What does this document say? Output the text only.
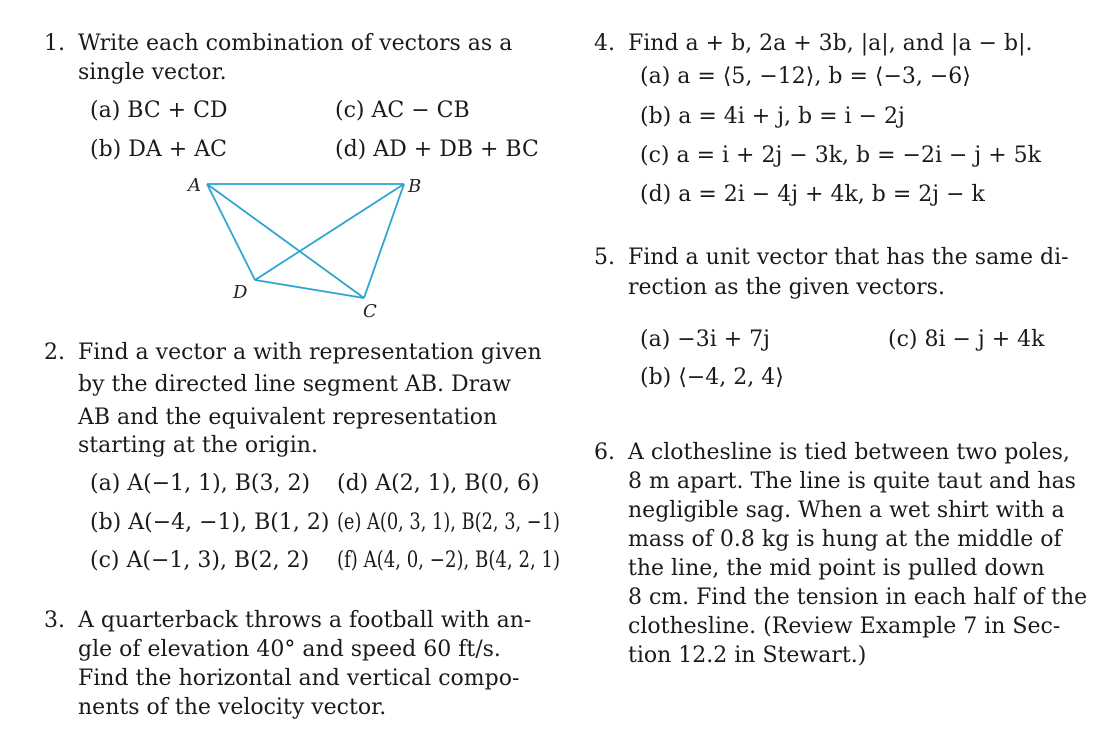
1. Write each combination of vectors as a
single vector.
(a) BC + CD
(b) DA + AC
(c) AC − CB
(d) AD + DB + BC
A	B
C
D
2. Find a vector a with representation given
by the directed line segment AB. Draw
AB and the equivalent representation
starting at the origin.
(a) A(−1, 1), B(3, 2)
(b) A(−4, −1), B(1, 2)
(c) A(−1, 3), B(2, 2)
(d) A(2, 1), B(0, 6)
(e) A(0, 3, 1), B(2, 3, −1)
(f) A(4, 0, −2), B(4, 2, 1)
3. A quarterback throws a football with an-
gle of elevation 40° and speed 60 ft/s.
Find the horizontal and vertical compo-
nents of the velocity vector.
4. Find a + b, 2a + 3b, |a|, and |a − b|.
(a) a = ⟨5, −12⟩, b = ⟨−3, −6⟩
(b) a = 4i + j, b = i − 2j
(c) a = i + 2j − 3k, b = −2i − j + 5k
(d) a = 2i − 4j + 4k, b = 2j − k
5. Find a unit vector that has the same di-
rection as the given vectors.
(a) −3i + 7j
(b) ⟨−4, 2, 4⟩
(c) 8i − j + 4k
6. A clothesline is tied between two poles,
8 m apart. The line is quite taut and has
negligible sag. When a wet shirt with a
mass of 0.8 kg is hung at the middle of
the line, the mid point is pulled down
8 cm. Find the tension in each half of the
clothesline. (Review Example 7 in Sec-
tion 12.2 in Stewart.)
